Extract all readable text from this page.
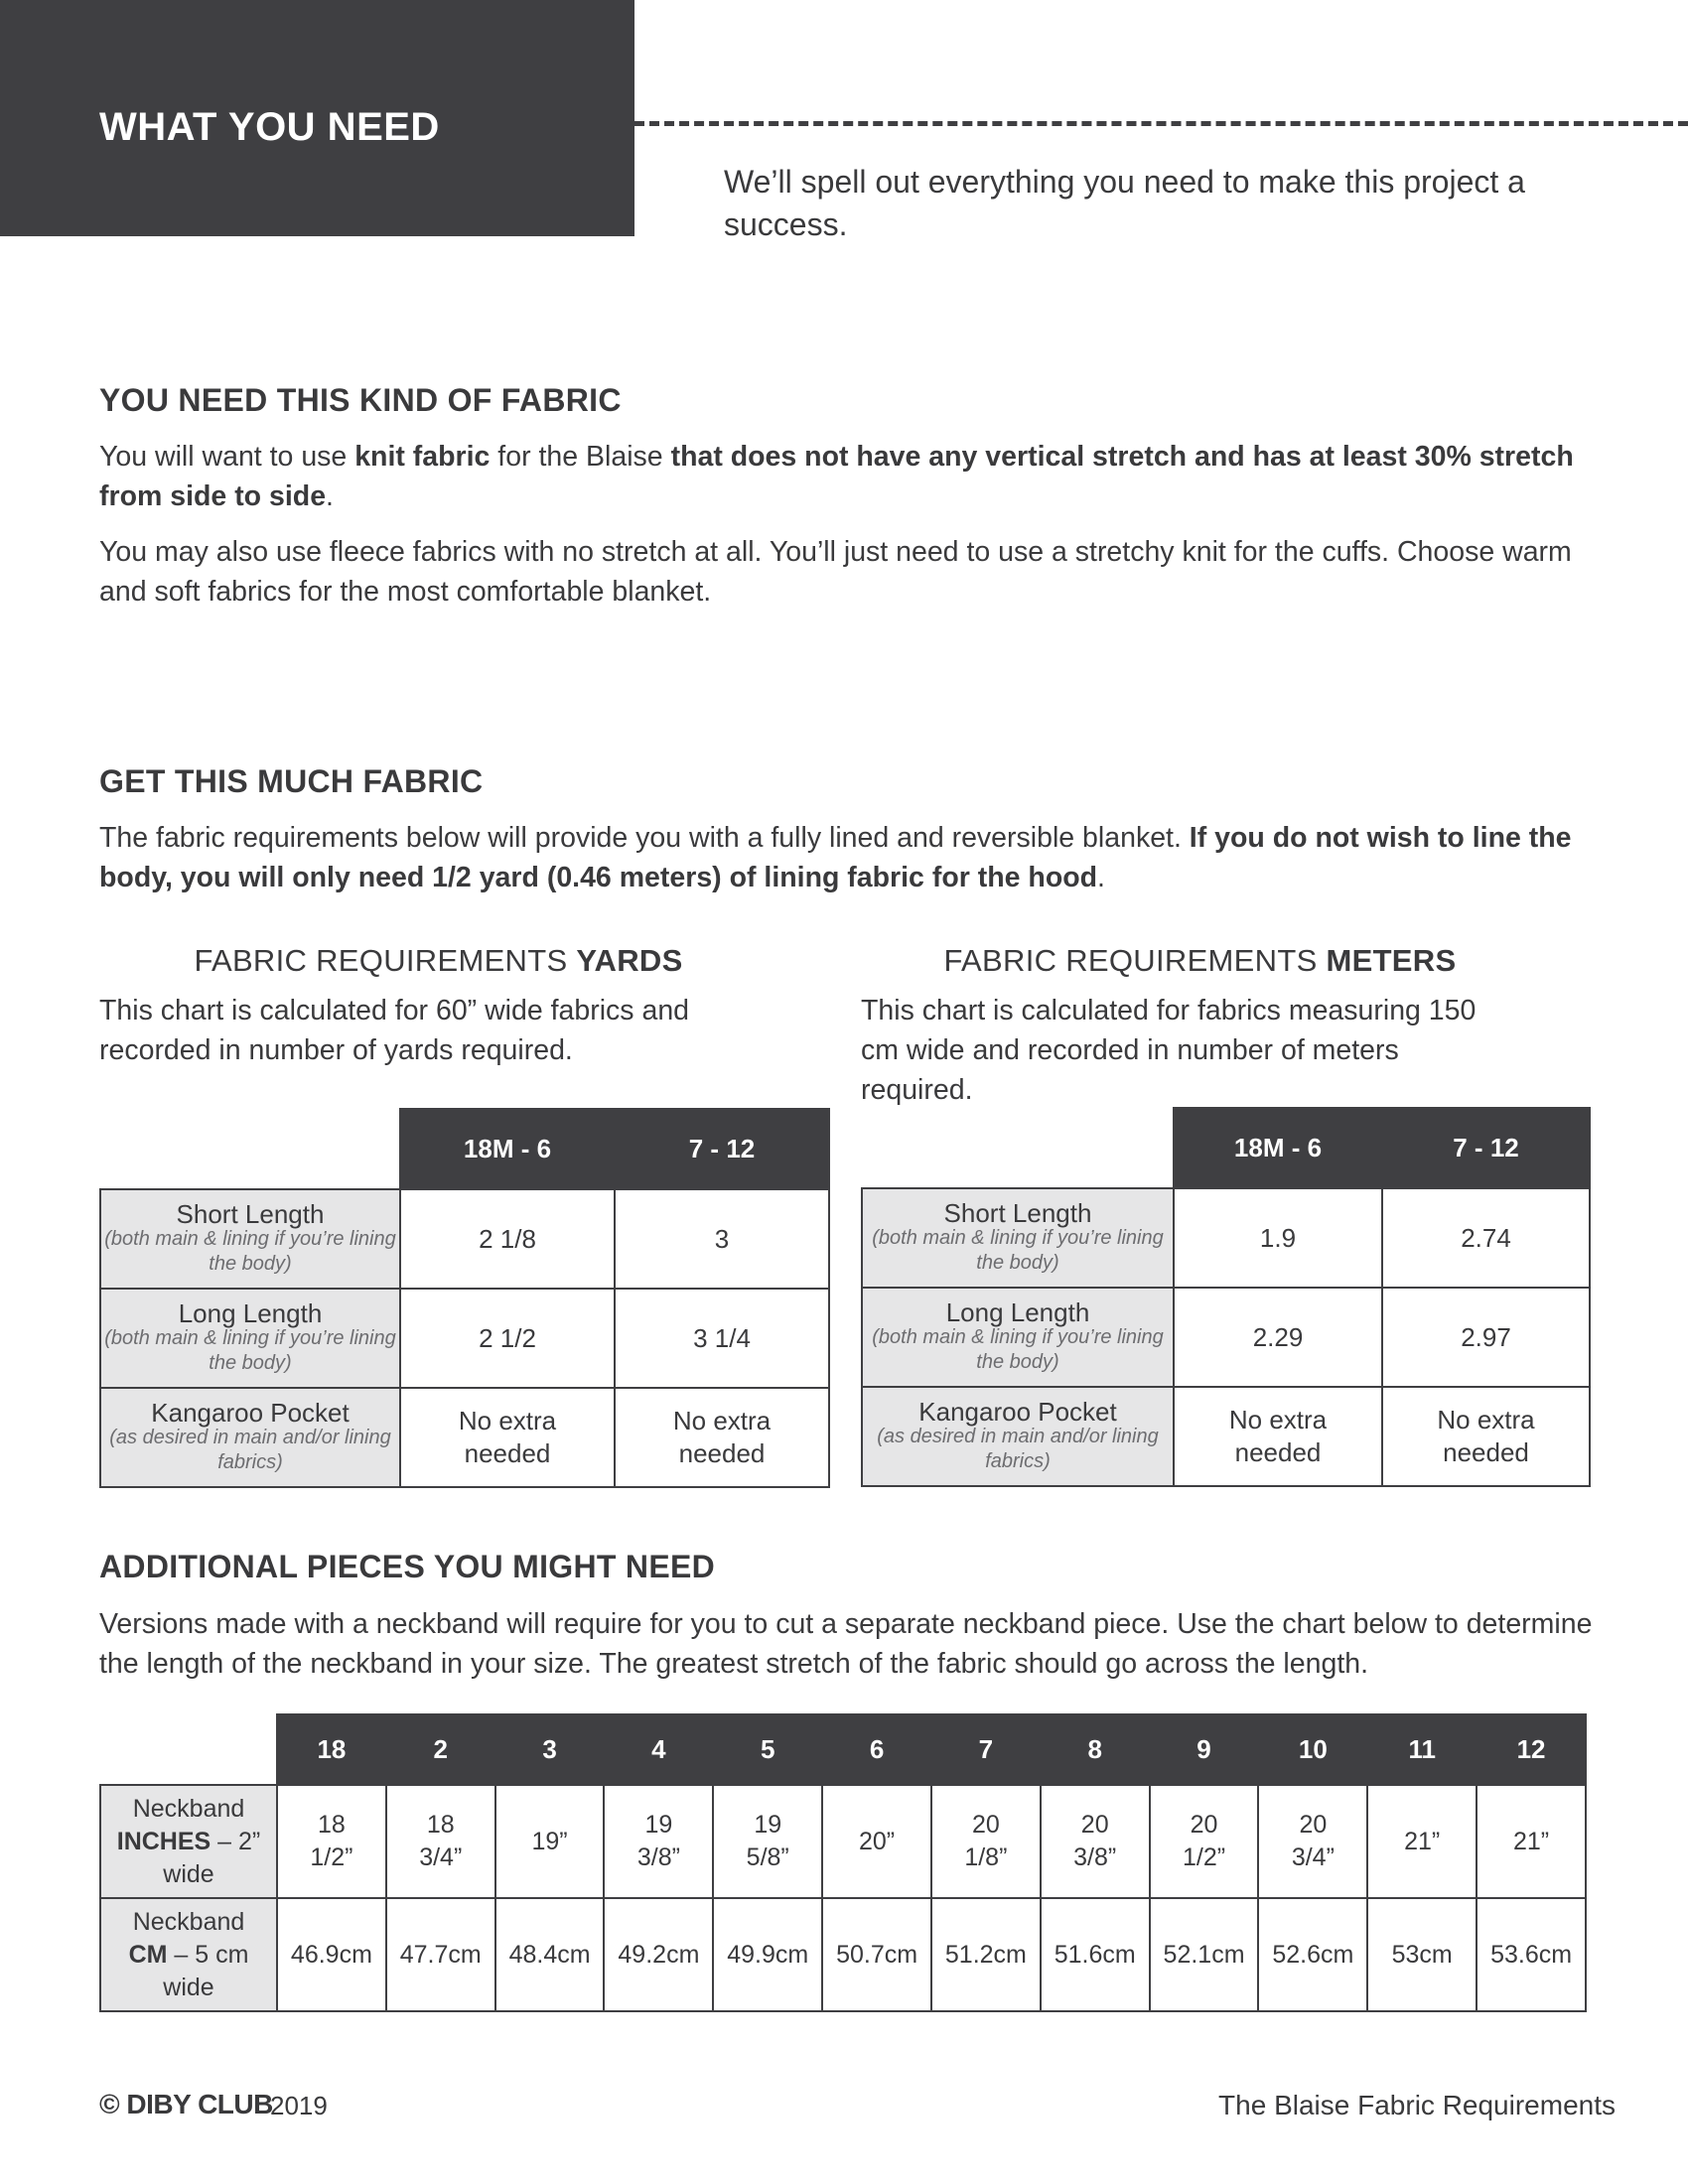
WHAT YOU NEED
We’ll spell out everything you need to make this project a success.
YOU NEED THIS KIND OF FABRIC
You will want to use knit fabric for the Blaise that does not have any vertical stretch and has at least 30% stretch from side to side.
You may also use fleece fabrics with no stretch at all. You’ll just need to use a stretchy knit for the cuffs. Choose warm and soft fabrics for the most comfortable blanket.
GET THIS MUCH FABRIC
The fabric requirements below will provide you with a fully lined and reversible blanket. If you do not wish to line the body, you will only need 1/2 yard (0.46 meters) of lining fabric for the hood.
FABRIC REQUIREMENTS YARDS
This chart is calculated for 60” wide fabrics and recorded in number of yards required.
	18M - 6	7 - 12

Short Length
(both main & lining if you’re lining the body)	2 1/8	3

Long Length
(both main & lining if you’re lining the body)	2 1/2	3 1/4

Kangaroo Pocket
(as desired in main and/or lining fabrics)	No extra needed	No extra needed
FABRIC REQUIREMENTS METERS
This chart is calculated for fabrics measuring 150 cm wide and recorded in number of meters required.
	18M - 6	7 - 12

Short Length
(both main & lining if you’re lining the body)	1.9	2.74

Long Length
(both main & lining if you’re lining the body)	2.29	2.97

Kangaroo Pocket
(as desired in main and/or lining fabrics)	No extra needed	No extra needed
ADDITIONAL PIECES YOU MIGHT NEED
Versions made with a neckband will require for you to cut a separate neckband piece. Use the chart below to determine the length of the neckband in your size. The greatest stretch of the fabric should go across the length.
	18	2	3	4	5	6	7	8	9	10	11	12
Neckband
INCHES – 2”
wide	18 1/2”	18 3/4”	19”	19 3/8”	19 5/8”	20”	20 1/8”	20 3/8”	20 1/2”	20 3/4”	21”	21”
Neckband
CM – 5 cm
wide	46.9cm	47.7cm	48.4cm	49.2cm	49.9cm	50.7cm	51.2cm	51.6cm	52.1cm	52.6cm	53cm	53.6cm
© DIBY CLUB
2019	The Blaise Fabric Requirements
